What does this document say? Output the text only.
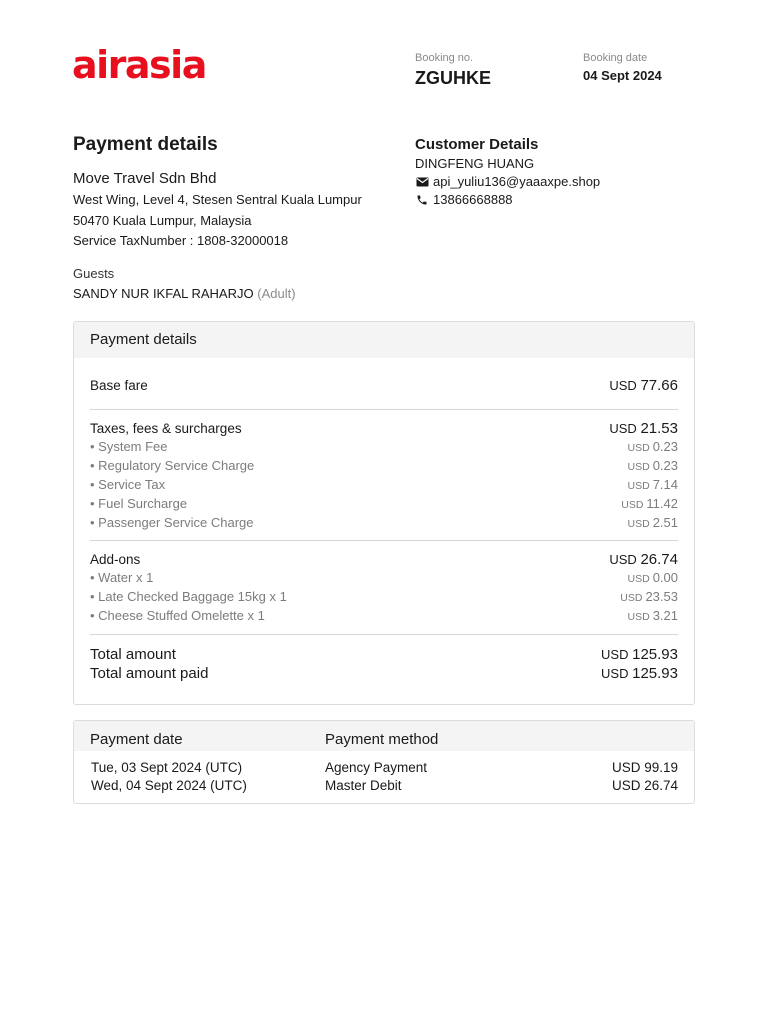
airasia	Booking no.
ZGUHKE
Booking date
04 Sept 2024
Payment details
Move Travel Sdn Bhd
West Wing, Level 4, Stesen Sentral Kuala Lumpur
50470 Kuala Lumpur, Malaysia
Service TaxNumber : 1808-32000018
Guests
SANDY NUR IKFAL RAHARJO (Adult)
Customer Details
DINGFENG HUANG
api_yuliu136@yaaaxpe.shop
13866668888
Payment details
Base fare	USD 77.66
Taxes, fees & surcharges	USD 21.53
• System Fee	USD 0.23
• Regulatory Service Charge	USD 0.23
• Service Tax	USD 7.14
• Fuel Surcharge	USD 11.42
• Passenger Service Charge	USD 2.51
Add-ons	USD 26.74
• Water x 1	USD 0.00
• Late Checked Baggage 15kg x 1	USD 23.53
• Cheese Stuffed Omelette x 1	USD 3.21
Total amount	USD 125.93
Total amount paid	USD 125.93
Payment date	Payment method
Tue, 03 Sept 2024 (UTC)	Agency Payment	USD 99.19
Wed, 04 Sept 2024 (UTC)	Master Debit	USD 26.74
